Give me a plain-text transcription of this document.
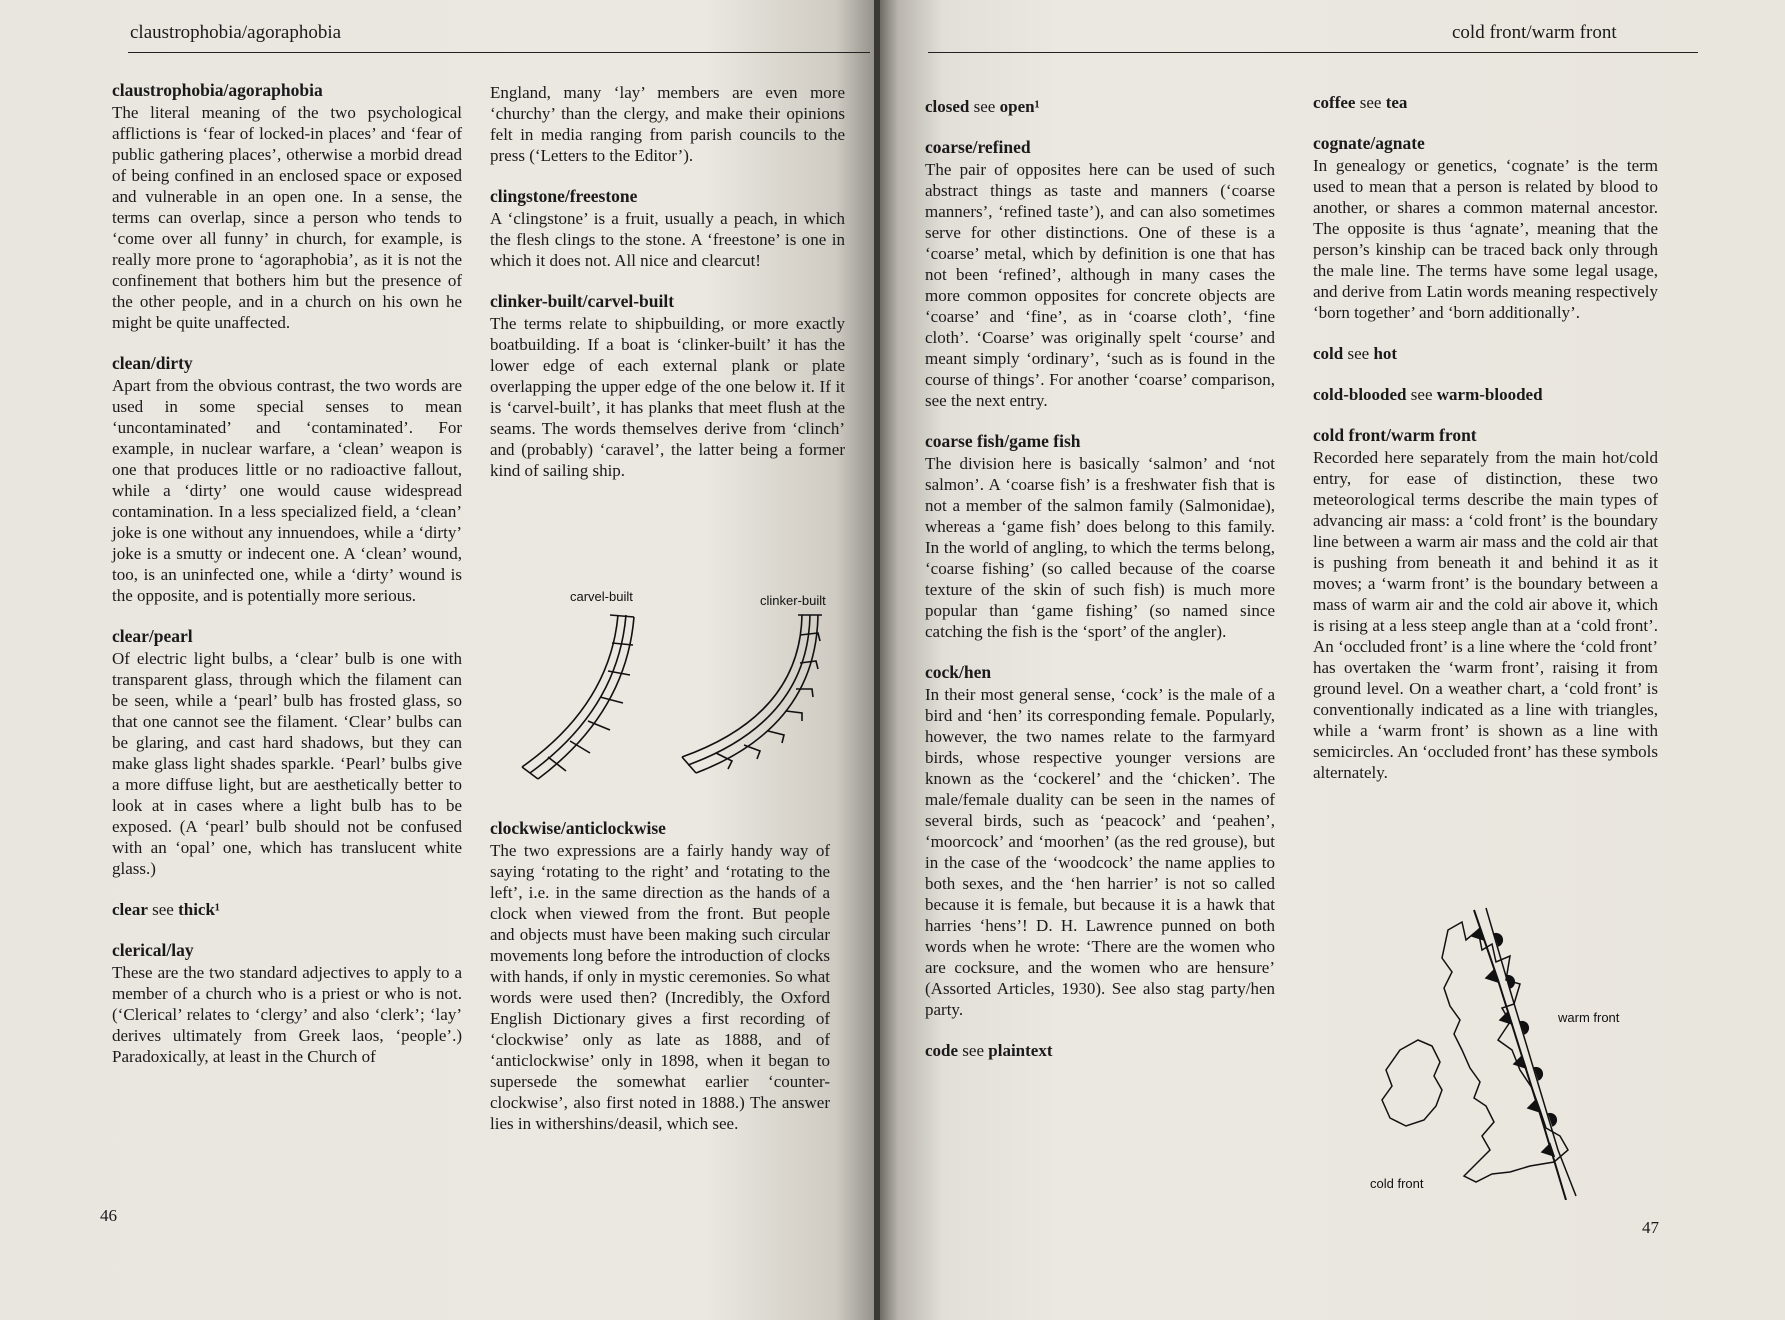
claustrophobia/agoraphobia
claustrophobia/agoraphobia
The literal meaning of the two psychological afflictions is ‘fear of locked-in places’ and ‘fear of public gathering places’, otherwise a morbid dread of being confined in an enclosed space or exposed and vulnerable in an open one. In a sense, the terms can overlap, since a person who tends to ‘come over all funny’ in church, for example, is really more prone to ‘agoraphobia’, as it is not the confinement that bothers him but the presence of the other people, and in a church on his own he might be quite unaffected.
clean/dirty
Apart from the obvious contrast, the two words are used in some special senses to mean ‘uncontaminated’ and ‘contaminated’. For example, in nuclear warfare, a ‘clean’ weapon is one that produces little or no radioactive fallout, while a ‘dirty’ one would cause widespread contamination. In a less specialized field, a ‘clean’ joke is one without any innuendoes, while a ‘dirty’ joke is a smutty or indecent one. A ‘clean’ wound, too, is an uninfected one, while a ‘dirty’ wound is the opposite, and is potentially more serious.
clear/pearl
Of electric light bulbs, a ‘clear’ bulb is one with transparent glass, through which the filament can be seen, while a ‘pearl’ bulb has frosted glass, so that one cannot see the filament. ‘Clear’ bulbs can be glaring, and cast hard shadows, but they can make glass light shades sparkle. ‘Pearl’ bulbs give a more diffuse light, but are aesthetically better to look at in cases where a light bulb has to be exposed. (A ‘pearl’ bulb should not be confused with an ‘opal’ one, which has translucent white glass.)
clear see thick¹
clerical/lay
These are the two standard adjectives to apply to a member of a church who is a priest or who is not. (‘Clerical’ relates to ‘clergy’ and also ‘clerk’; ‘lay’ derives ultimately from Greek laos, ‘people’.) Paradoxically, at least in the Church of
England, many ‘lay’ members are even more ‘churchy’ than the clergy, and make their opinions felt in media ranging from parish councils to the press (‘Letters to the Editor’).
clingstone/freestone
A ‘clingstone’ is a fruit, usually a peach, in which the flesh clings to the stone. A ‘freestone’ is one in which it does not. All nice and clearcut!
clinker-built/carvel-built
The terms relate to shipbuilding, or more exactly boatbuilding. If a boat is ‘clinker-built’ it has the lower edge of each external plank or plate overlapping the upper edge of the one below it. If it is ‘carvel-built’, it has planks that meet flush at the seams. The words themselves derive from ‘clinch’ and (probably) ‘caravel’, the latter being a former kind of sailing ship.
carvel-built	clinker-built
clockwise/anticlockwise
The two expressions are a fairly handy way of saying ‘rotating to the right’ and ‘rotating to the left’, i.e. in the same direction as the hands of a clock when viewed from the front. But people and objects must have been making such circular movements long before the introduction of clocks with hands, if only in mystic ceremonies. So what words were used then? (Incredibly, the Oxford English Dictionary gives a first recording of ‘clockwise’ only as late as 1888, and of ‘anticlockwise’ only in 1898, when it began to supersede the somewhat earlier ‘counter-clockwise’, also first noted in 1888.) The answer lies in withershins/deasil, which see.
46
cold front/warm front
closed see open¹
coarse/refined
The pair of opposites here can be used of such abstract things as taste and manners (‘coarse manners’, ‘refined taste’), and can also sometimes serve for other distinctions. One of these is a ‘coarse’ metal, which by definition is one that has not been ‘refined’, although in many cases the more common opposites for concrete objects are ‘coarse’ and ‘fine’, as in ‘coarse cloth’, ‘fine cloth’. ‘Coarse’ was originally spelt ‘course’ and meant simply ‘ordinary’, ‘such as is found in the course of things’. For another ‘coarse’ comparison, see the next entry.
coarse fish/game fish
The division here is basically ‘salmon’ and ‘not salmon’. A ‘coarse fish’ is a freshwater fish that is not a member of the salmon family (Salmonidae), whereas a ‘game fish’ does belong to this family. In the world of angling, to which the terms belong, ‘coarse fishing’ (so called because of the coarse texture of the skin of such fish) is much more popular than ‘game fishing’ (so named since catching the fish is the ‘sport’ of the angler).
cock/hen
In their most general sense, ‘cock’ is the male of a bird and ‘hen’ its corresponding female. Popularly, however, the two names relate to the farmyard birds, whose respective younger versions are known as the ‘cockerel’ and the ‘chicken’. The male/female duality can be seen in the names of several birds, such as ‘peacock’ and ‘peahen’, ‘moorcock’ and ‘moorhen’ (as the red grouse), but in the case of the ‘woodcock’ the name applies to both sexes, and the ‘hen harrier’ is not so called because it is female, but because it is a hawk that harries ‘hens’! D. H. Lawrence punned on both words when he wrote: ‘There are the women who are cocksure, and the women who are hensure’ (Assorted Articles, 1930). See also stag party/hen party.
code see plaintext
coffee see tea
cognate/agnate
In genealogy or genetics, ‘cognate’ is the term used to mean that a person is related by blood to another, or shares a common maternal ancestor. The opposite is thus ‘agnate’, meaning that the person’s kinship can be traced back only through the male line. The terms have some legal usage, and derive from Latin words meaning respectively ‘born together’ and ‘born additionally’.
cold see hot
cold-blooded see warm-blooded
cold front/warm front
Recorded here separately from the main hot/cold entry, for ease of distinction, these two meteorological terms describe the main types of advancing air mass: a ‘cold front’ is the boundary line between a warm air mass and the cold air that is pushing from beneath it and behind it as it moves; a ‘warm front’ is the boundary between a mass of warm air and the cold air above it, which is rising at a less steep angle than at a ‘cold front’. An ‘occluded front’ is a line where the ‘cold front’ has overtaken the ‘warm front’, raising it from ground level. On a weather chart, a ‘cold front’ is conventionally indicated as a line with triangles, while a ‘warm front’ is shown as a line with semicircles. An ‘occluded front’ has these symbols alternately.
warm front
cold front
47
